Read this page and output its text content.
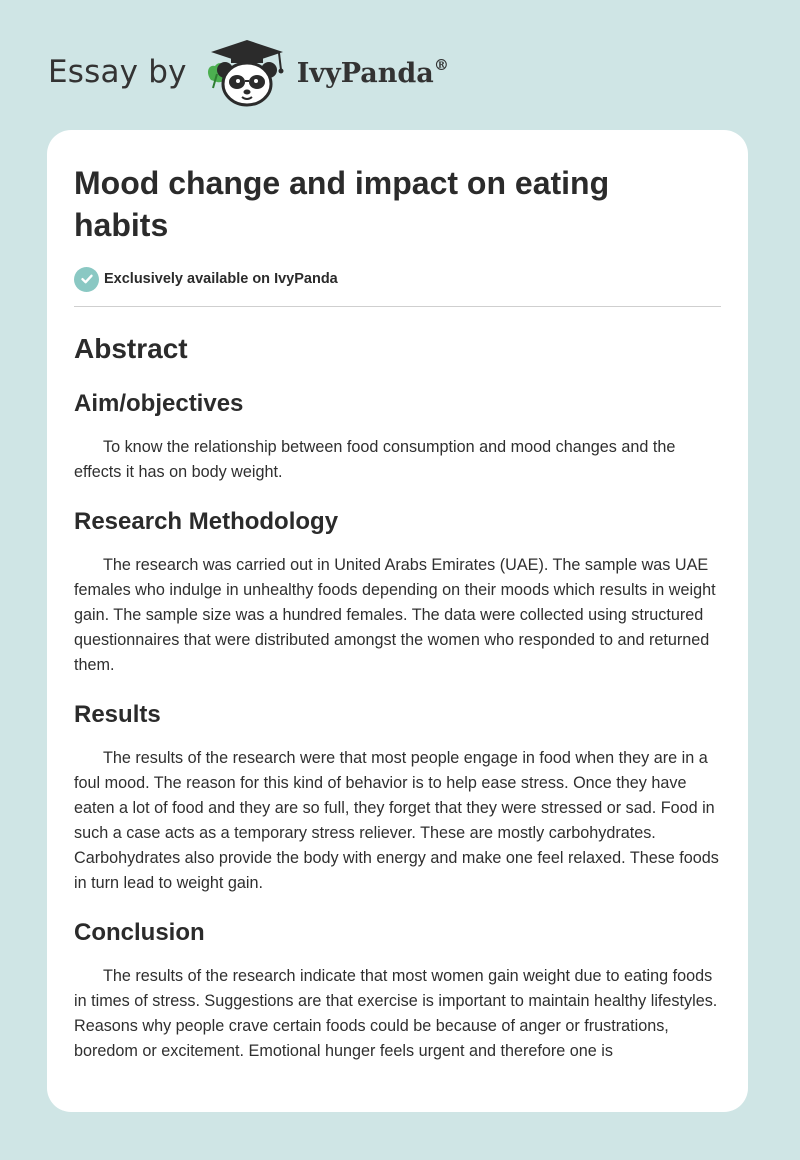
Essay by	IvyPanda®
Mood change and impact on eating habits
Exclusively available on IvyPanda
Abstract
Aim/objectives

To know the relationship between food consumption and mood changes and the effects it has on body weight.

Research Methodology

The research was carried out in United Arabs Emirates (UAE). The sample was UAE females who indulge in unhealthy foods depending on their moods which results in weight gain. The sample size was a hundred females. The data were collected using structured questionnaires that were distributed amongst the women who responded to and returned them.

Results

The results of the research were that most people engage in food when they are in a foul mood. The reason for this kind of behavior is to help ease stress. Once they have eaten a lot of food and they are so full, they forget that they were stressed or sad. Food in such a case acts as a temporary stress reliever. These are mostly carbohydrates. Carbohydrates also provide the body with energy and make one feel relaxed. These foods in turn lead to weight gain.

Conclusion

The results of the research indicate that most women gain weight due to eating foods in times of stress. Suggestions are that exercise is important to maintain healthy lifestyles. Reasons why people crave certain foods could be because of anger or frustrations, boredom or excitement. Emotional hunger feels urgent and therefore one is
